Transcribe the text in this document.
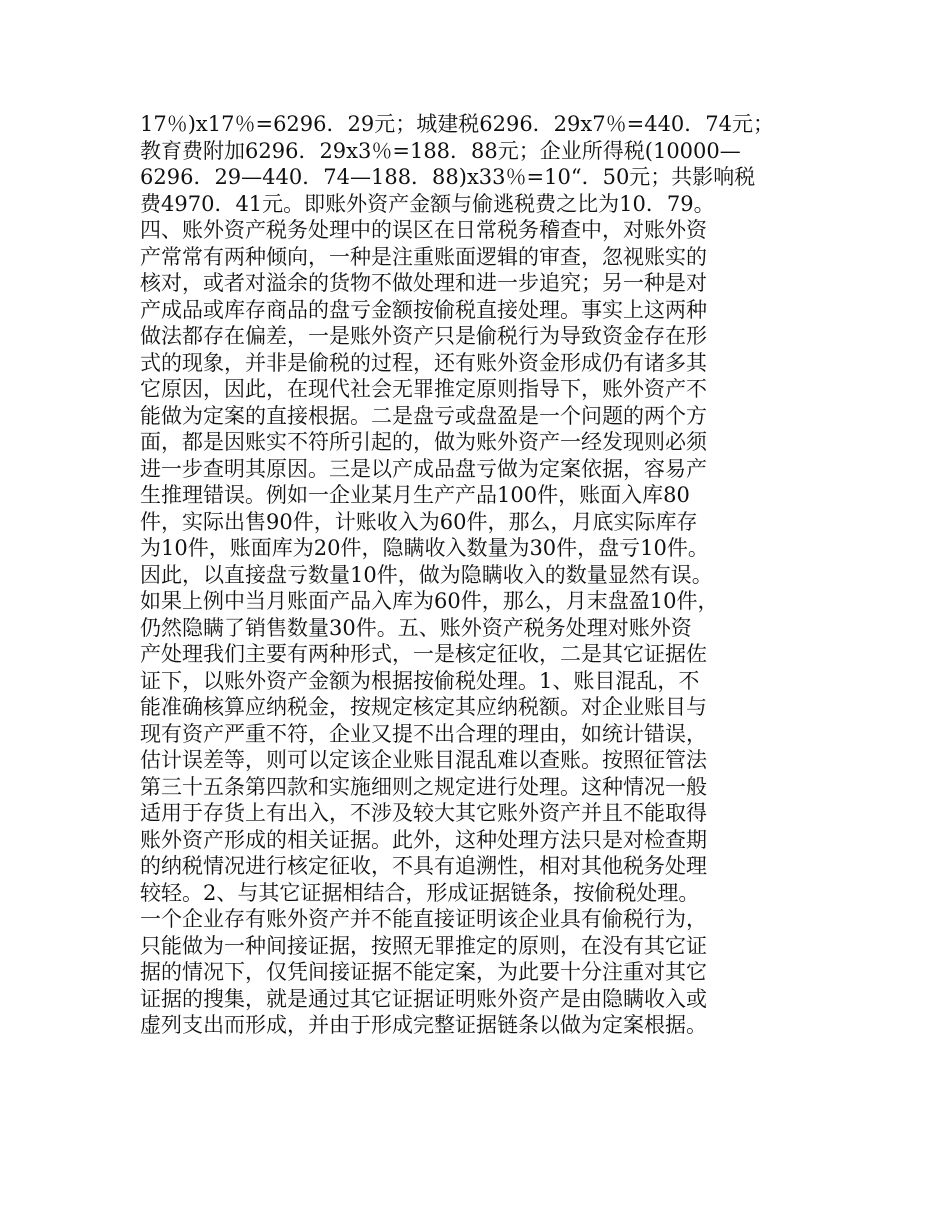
17％)x17％=6296．29元；城建税6296．29x7％=440．74元；
教育费附加6296．29x3％=188．88元；企业所得税(10000—
6296．29—440．74—188．88)x33％=10“．50元；共影响税
费4970．41元。即账外资产金额与偷逃税费之比为10．79。
四、账外资产税务处理中的误区在日常税务稽查中，对账外资
产常常有两种倾向，一种是注重账面逻辑的审查，忽视账实的
核对，或者对溢余的货物不做处理和进一步追究；另一种是对
产成品或库存商品的盘亏金额按偷税直接处理。事实上这两种
做法都存在偏差，一是账外资产只是偷税行为导致资金存在形
式的现象，并非是偷税的过程，还有账外资金形成仍有诸多其
它原因，因此，在现代社会无罪推定原则指导下，账外资产不
能做为定案的直接根据。二是盘亏或盘盈是一个问题的两个方
面，都是因账实不符所引起的，做为账外资产一经发现则必须
进一步查明其原因。三是以产成品盘亏做为定案依据，容易产
生推理错误。例如一企业某月生产产品100件，账面入库80
件，实际出售90件，计账收入为60件，那么，月底实际库存
为10件，账面库为20件，隐瞒收入数量为30件，盘亏10件。
因此，以直接盘亏数量10件，做为隐瞒收入的数量显然有误。
如果上例中当月账面产品入库为60件，那么，月末盘盈10件，
仍然隐瞒了销售数量30件。五、账外资产税务处理对账外资
产处理我们主要有两种形式，一是核定征收，二是其它证据佐
证下，以账外资产金额为根据按偷税处理。1、账目混乱，不
能准确核算应纳税金，按规定核定其应纳税额。对企业账目与
现有资产严重不符，企业又提不出合理的理由，如统计错误，
估计误差等，则可以定该企业账目混乱难以查账。按照征管法
第三十五条第四款和实施细则之规定进行处理。这种情况一般
适用于存货上有出入，不涉及较大其它账外资产并且不能取得
账外资产形成的相关证据。此外，这种处理方法只是对检查期
的纳税情况进行核定征收，不具有追溯性，相对其他税务处理
较轻。2、与其它证据相结合，形成证据链条，按偷税处理。
一个企业存有账外资产并不能直接证明该企业具有偷税行为，
只能做为一种间接证据，按照无罪推定的原则，在没有其它证
据的情况下，仅凭间接证据不能定案，为此要十分注重对其它
证据的搜集，就是通过其它证据证明账外资产是由隐瞒收入或
虚列支出而形成，并由于形成完整证据链条以做为定案根据。
